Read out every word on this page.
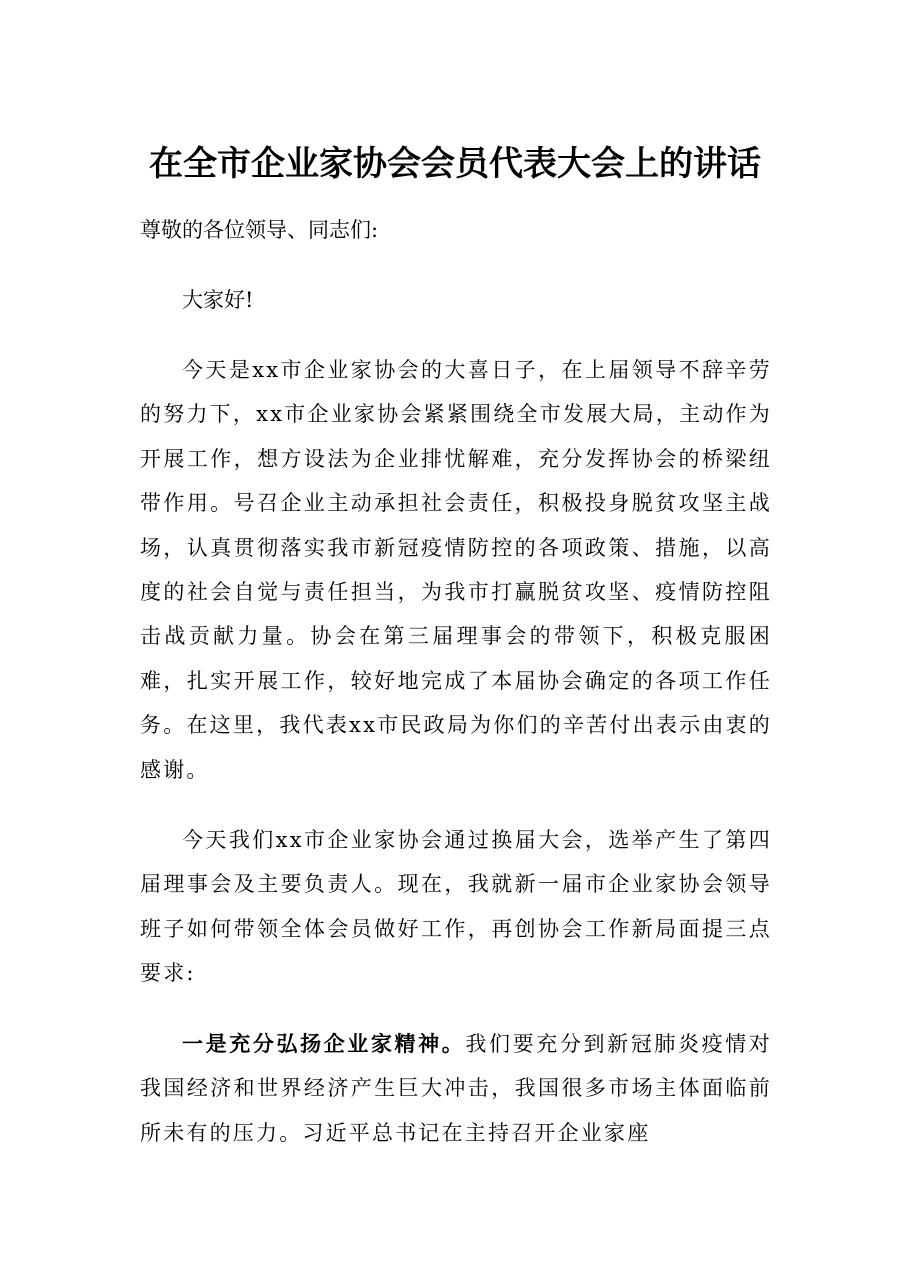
在全市企业家协会会员代表大会上的讲话
尊敬的各位领导、同志们:
大家好!

今天是xx市企业家协会的大喜日子，在上届领导不辞辛劳的努力下，xx市企业家协会紧紧围绕全市发展大局，主动作为开展工作，想方设法为企业排忧解难，充分发挥协会的桥梁纽带作用。号召企业主动承担社会责任，积极投身脱贫攻坚主战场，认真贯彻落实我市新冠疫情防控的各项政策、措施，以高度的社会自觉与责任担当，为我市打赢脱贫攻坚、疫情防控阻击战贡献力量。协会在第三届理事会的带领下，积极克服困难，扎实开展工作，较好地完成了本届协会确定的各项工作任务。在这里，我代表xx市民政局为你们的辛苦付出表示由衷的感谢。

今天我们xx市企业家协会通过换届大会，选举产生了第四届理事会及主要负责人。现在，我就新一届市企业家协会领导班子如何带领全体会员做好工作，再创协会工作新局面提三点要求:

一是充分弘扬企业家精神。我们要充分到新冠肺炎疫情对我国经济和世界经济产生巨大冲击，我国很多市场主体面临前所未有的压力。习近平总书记在主持召开企业家座
